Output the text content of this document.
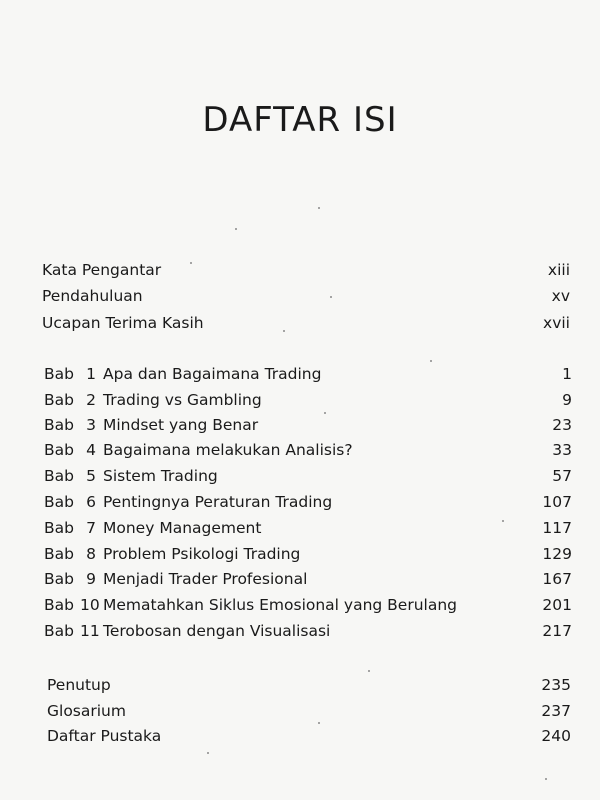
DAFTAR ISI
Kata Pengantar	xiii
Pendahuluan	xv
Ucapan Terima Kasih	xvii
Bab 1 Apa dan Bagaimana Trading	1
Bab 2 Trading vs Gambling	9
Bab 3 Mindset yang Benar	23
Bab 4 Bagaimana melakukan Analisis?	33
Bab 5 Sistem Trading	57
Bab 6 Pentingnya Peraturan Trading	107
Bab 7 Money Management	117
Bab 8 Problem Psikologi Trading	129
Bab 9 Menjadi Trader Profesional	167
Bab 10 Mematahkan Siklus Emosional yang Berulang	201
Bab 11 Terobosan dengan Visualisasi	217
Penutup	235
Glosarium	237
Daftar Pustaka	240
